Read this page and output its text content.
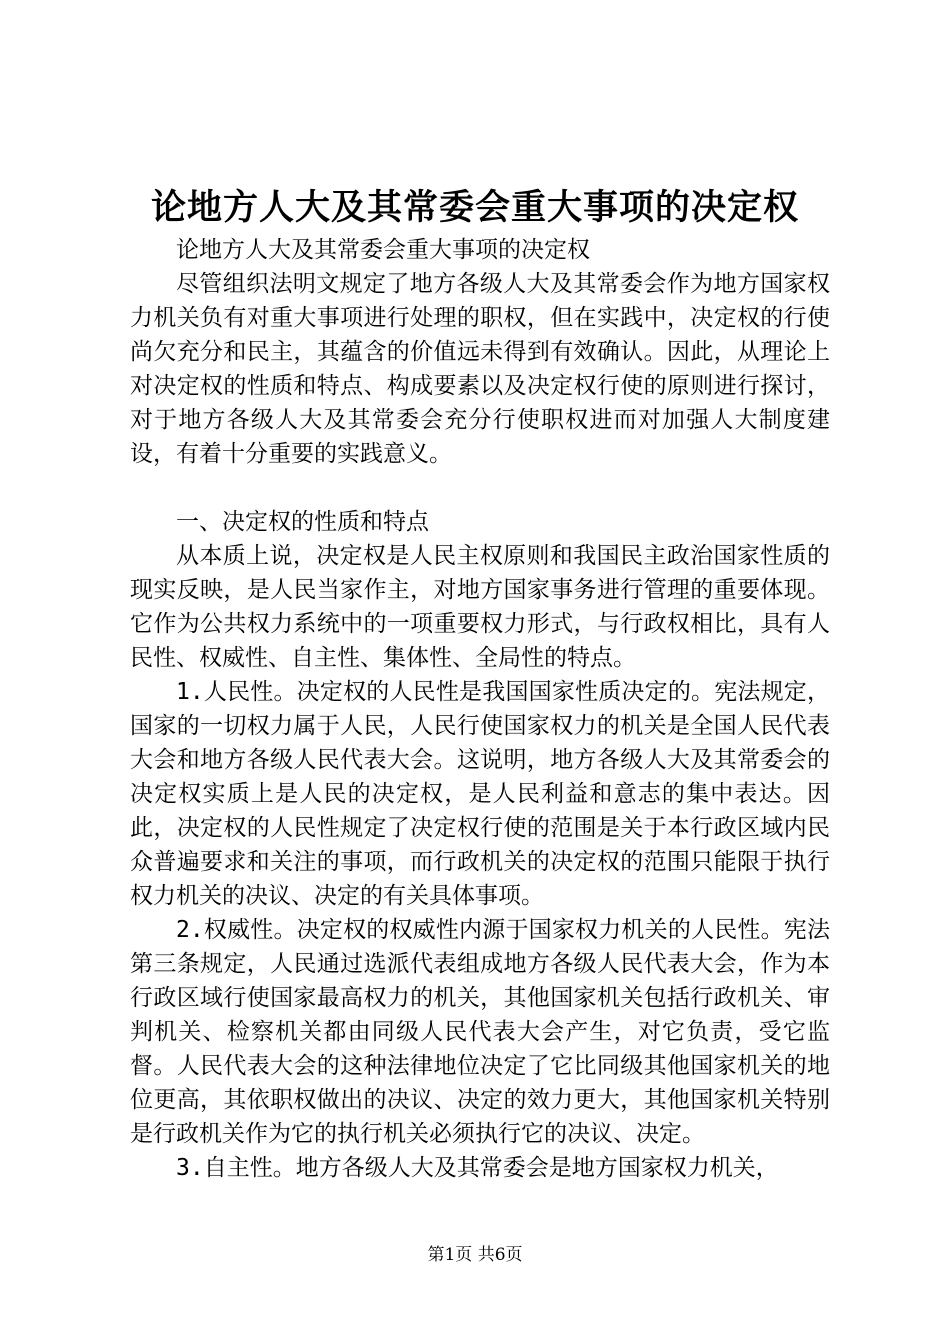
论地方人大及其常委会重大事项的决定权

论地方人大及其常委会重大事项的决定权

尽管组织法明文规定了地方各级人大及其常委会作为地方国家权力机关负有对重大事项进行处理的职权，但在实践中，决定权的行使尚欠充分和民主，其蕴含的价值远未得到有效确认。因此，从理论上对决定权的性质和特点、构成要素以及决定权行使的原则进行探讨，对于地方各级人大及其常委会充分行使职权进而对加强人大制度建设，有着十分重要的实践意义。

一、决定权的性质和特点

从本质上说，决定权是人民主权原则和我国民主政治国家性质的现实反映，是人民当家作主，对地方国家事务进行管理的重要体现。它作为公共权力系统中的一项重要权力形式，与行政权相比，具有人民性、权威性、自主性、集体性、全局性的特点。

1.人民性。决定权的人民性是我国国家性质决定的。宪法规定，国家的一切权力属于人民，人民行使国家权力的机关是全国人民代表大会和地方各级人民代表大会。这说明，地方各级人大及其常委会的决定权实质上是人民的决定权，是人民利益和意志的集中表达。因此，决定权的人民性规定了决定权行使的范围是关于本行政区域内民众普遍要求和关注的事项，而行政机关的决定权的范围只能限于执行权力机关的决议、决定的有关具体事项。

2.权威性。决定权的权威性内源于国家权力机关的人民性。宪法第三条规定，人民通过选派代表组成地方各级人民代表大会，作为本行政区域行使国家最高权力的机关，其他国家机关包括行政机关、审判机关、检察机关都由同级人民代表大会产生，对它负责，受它监督。人民代表大会的这种法律地位决定了它比同级其他国家机关的地位更高，其依职权做出的决议、决定的效力更大，其他国家机关特别是行政机关作为它的执行机关必须执行它的决议、决定。

3.自主性。地方各级人大及其常委会是地方国家权力机关，

第1页 共6页
